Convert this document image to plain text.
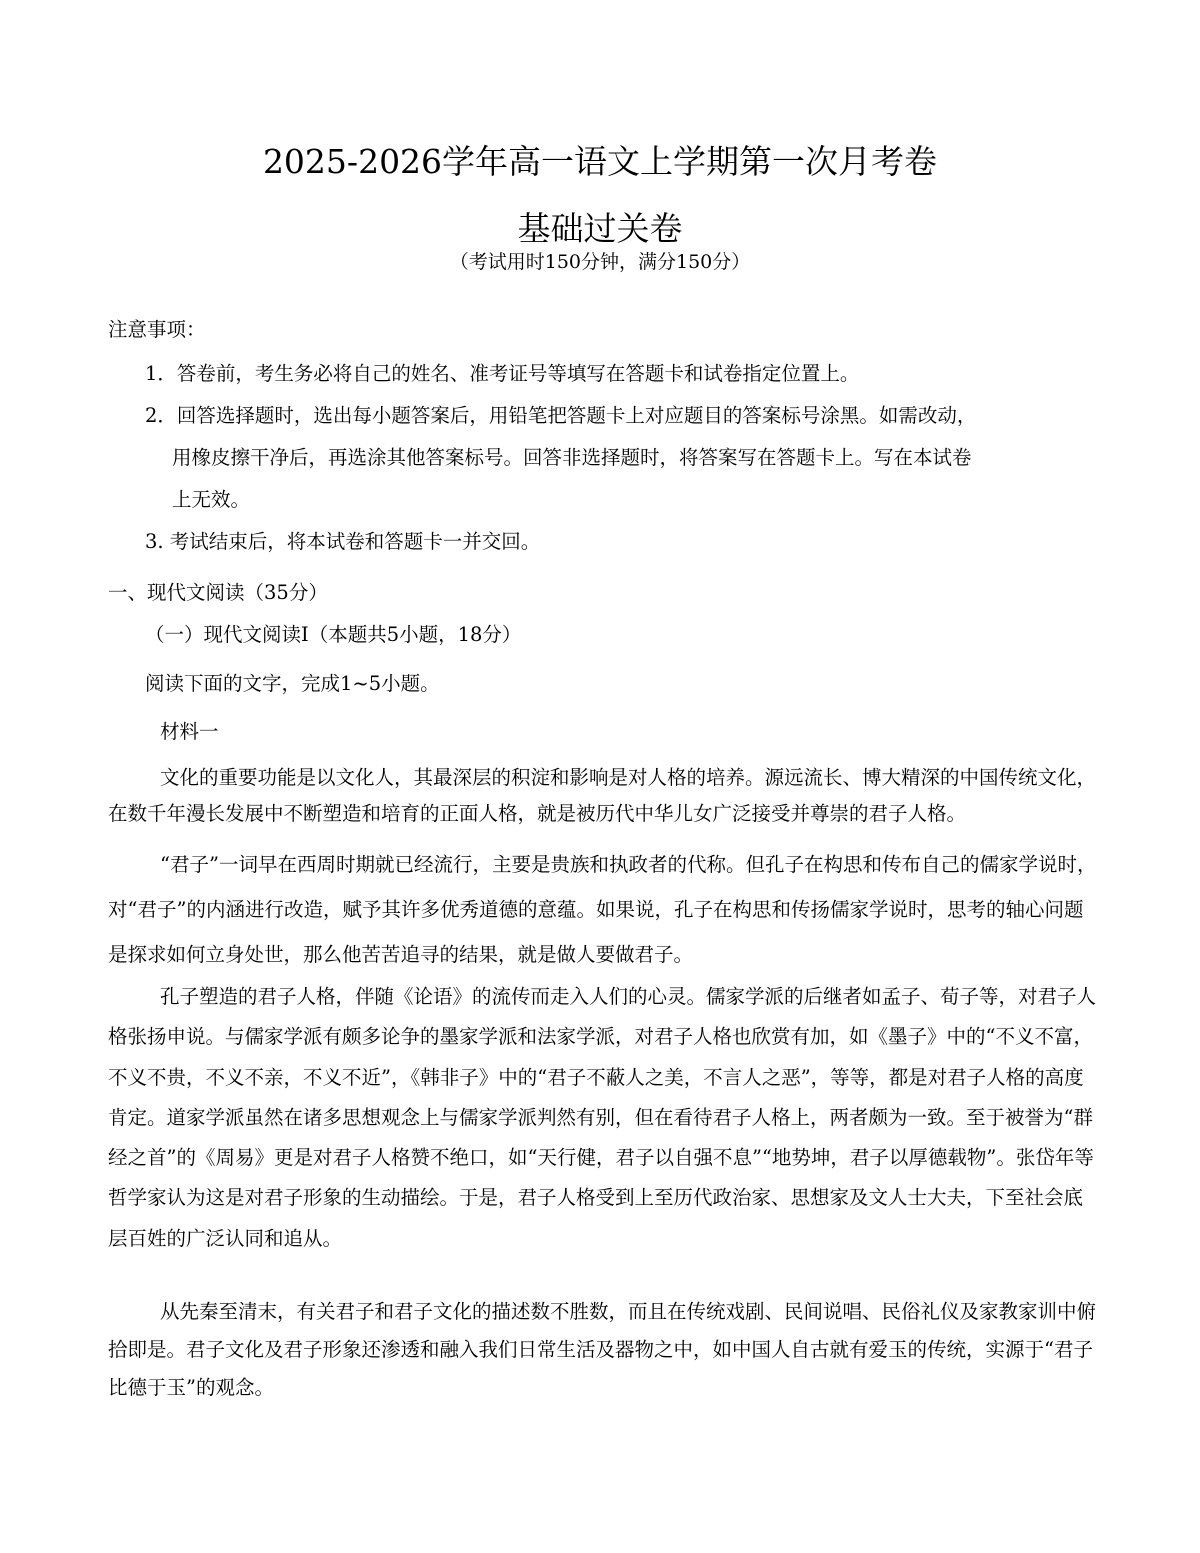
2025-2026学年高一语文上学期第一次月考卷
基础过关卷
（考试用时150分钟，满分150分）
注意事项：
1．答卷前，考生务必将自己的姓名、准考证号等填写在答题卡和试卷指定位置上。
2．回答选择题时，选出每小题答案后，用铅笔把答题卡上对应题目的答案标号涂黑。如需改动，
用橡皮擦干净后，再选涂其他答案标号。回答非选择题时，将答案写在答题卡上。写在本试卷
上无效。
3. 考试结束后，将本试卷和答题卡一并交回。
一、现代文阅读（35分）
（一）现代文阅读Ⅰ（本题共5小题，18分）
阅读下面的文字，完成1~5小题。
材料一

文化的重要功能是以文化人，其最深层的积淀和影响是对人格的培养。源远流长、博大精深的中国传统文化，在数千年漫长发展中不断塑造和培育的正面人格，就是被历代中华儿女广泛接受并尊崇的君子人格。

“君子”一词早在西周时期就已经流行，主要是贵族和执政者的代称。但孔子在构思和传布自己的儒家学说时，对“君子”的内涵进行改造，赋予其许多优秀道德的意蕴。如果说，孔子在构思和传扬儒家学说时，思考的轴心问题是探求如何立身处世，那么他苦苦追寻的结果，就是做人要做君子。

孔子塑造的君子人格，伴随《论语》的流传而走入人们的心灵。儒家学派的后继者如孟子、荀子等，对君子人格张扬申说。与儒家学派有颇多论争的墨家学派和法家学派，对君子人格也欣赏有加，如《墨子》中的“不义不富，不义不贵，不义不亲，不义不近”，《韩非子》中的“君子不蔽人之美，不言人之恶”，等等，都是对君子人格的高度肯定。道家学派虽然在诸多思想观念上与儒家学派判然有别，但在看待君子人格上，两者颇为一致。至于被誉为“群经之首”的《周易》更是对君子人格赞不绝口，如“天行健，君子以自强不息”“地势坤，君子以厚德载物”。张岱年等哲学家认为这是对君子形象的生动描绘。于是，君子人格受到上至历代政治家、思想家及文人士大夫，下至社会底层百姓的广泛认同和追从。

从先秦至清末，有关君子和君子文化的描述数不胜数，而且在传统戏剧、民间说唱、民俗礼仪及家教家训中俯拾即是。君子文化及君子形象还渗透和融入我们日常生活及器物之中，如中国人自古就有爱玉的传统，实源于“君子比德于玉”的观念。
